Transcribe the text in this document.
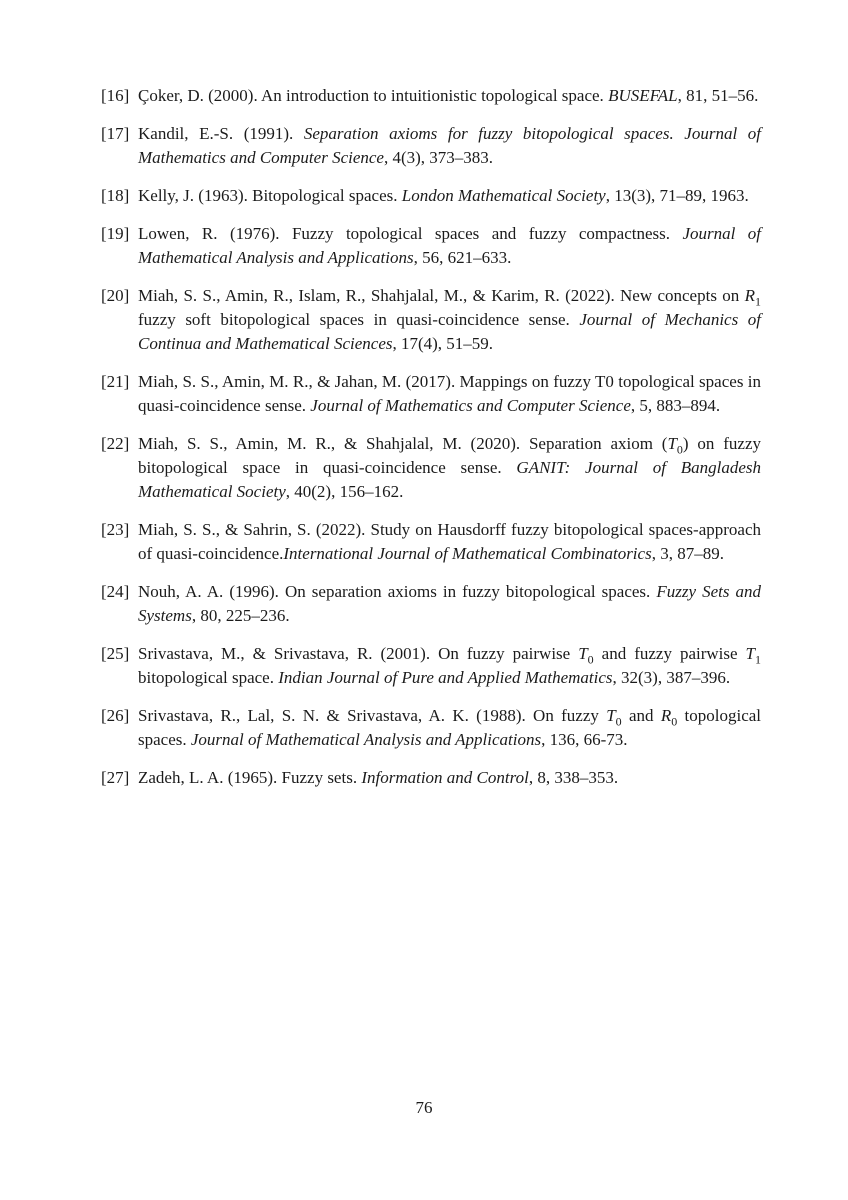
[16] Çoker, D. (2000). An introduction to intuitionistic topological space. BUSEFAL, 81, 51–56.

[17] Kandil, E.-S. (1991). Separation axioms for fuzzy bitopological spaces. Journal of Mathematics and Computer Science, 4(3), 373–383.

[18] Kelly, J. (1963). Bitopological spaces. London Mathematical Society, 13(3), 71–89, 1963.

[19] Lowen, R. (1976). Fuzzy topological spaces and fuzzy compactness. Journal of Mathematical Analysis and Applications, 56, 621–633.

[20] Miah, S. S., Amin, R., Islam, R., Shahjalal, M., & Karim, R. (2022). New concepts on $R_1$ fuzzy soft bitopological spaces in quasi-coincidence sense. Journal of Mechanics of Continua and Mathematical Sciences, 17(4), 51–59.

[21] Miah, S. S., Amin, M. R., & Jahan, M. (2017). Mappings on fuzzy T0 topological spaces in quasi-coincidence sense. Journal of Mathematics and Computer Science, 5, 883–894.

[22] Miah, S. S., Amin, M. R., & Shahjalal, M. (2020). Separation axiom $(T_0)$ on fuzzy bitopological space in quasi-coincidence sense. GANIT: Journal of Bangladesh Mathematical Society, 40(2), 156–162.

[23] Miah, S. S., & Sahrin, S. (2022). Study on Hausdorff fuzzy bitopological spaces-approach of quasi-coincidence.International Journal of Mathematical Combinatorics, 3, 87–89.

[24] Nouh, A. A. (1996). On separation axioms in fuzzy bitopological spaces. Fuzzy Sets and Systems, 80, 225–236.

[25] Srivastava, M., & Srivastava, R. (2001). On fuzzy pairwise $T_0$ and fuzzy pairwise $T_1$ bitopological space. Indian Journal of Pure and Applied Mathematics, 32(3), 387–396.

[26] Srivastava, R., Lal, S. N. & Srivastava, A. K. (1988). On fuzzy $T_0$ and $R_0$ topological spaces. Journal of Mathematical Analysis and Applications, 136, 66-73.

[27] Zadeh, L. A. (1965). Fuzzy sets. Information and Control, 8, 338–353.

76
